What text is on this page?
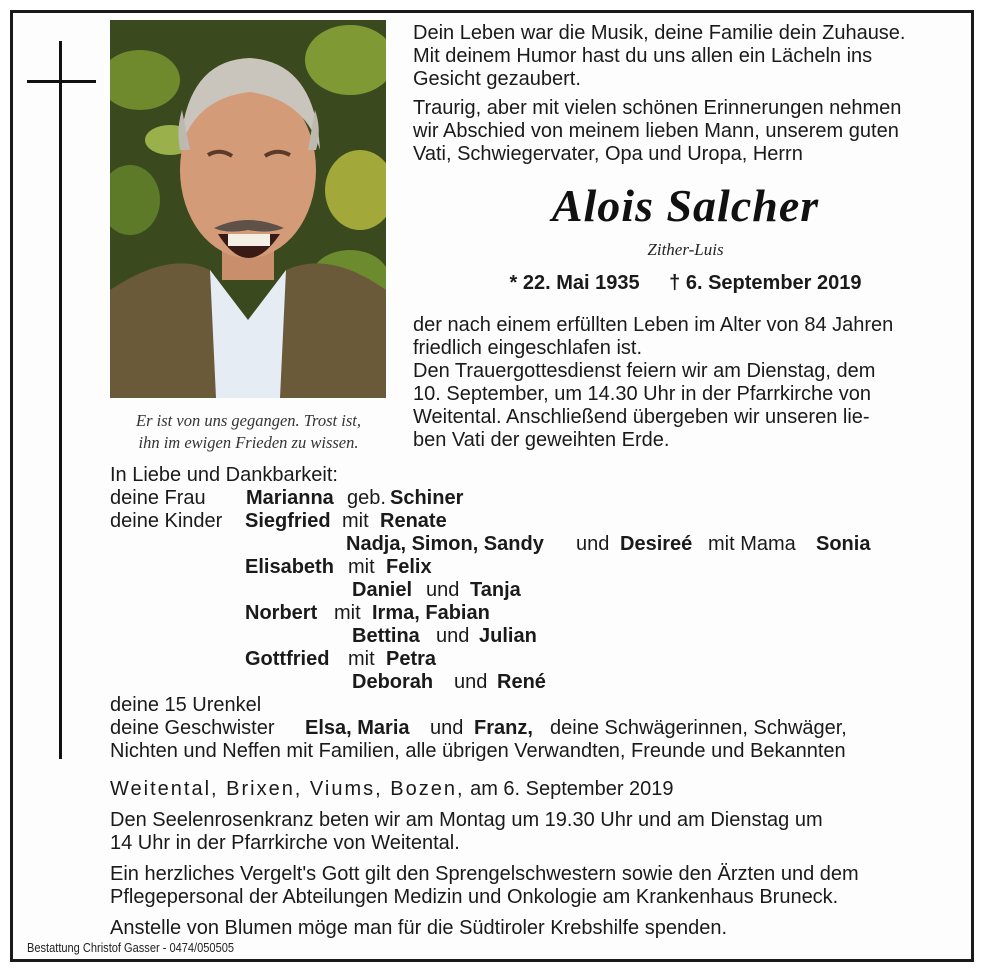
Er ist von uns gegangen. Trost ist,
ihn im ewigen Frieden zu wissen.

Dein Leben war die Musik, deine Familie dein Zuhause.
Mit deinem Humor hast du uns allen ein Lächeln ins
Gesicht gezaubert.

Traurig, aber mit vielen schönen Erinnerungen nehmen
wir Abschied von meinem lieben Mann, unserem guten
Vati, Schwiegervater, Opa und Uropa, Herrn

Alois Salcher
Zither-Luis
* 22. Mai 1935 † 6. September 2019
der nach einem erfüllten Leben im Alter von 84 Jahren
friedlich eingeschlafen ist.
Den Trauergottesdienst feiern wir am Dienstag, dem
10. September, um 14.30 Uhr in der Pfarrkirche von
Weitental. Anschließend übergeben wir unseren lie-
ben Vati der geweihten Erde.
In Liebe und Dankbarkeit:
deine Frau Marianna geb. Schiner
deine Kinder Siegfried mit Renate
Nadja, Simon, Sandy und Desireé mit Mama Sonia
Elisabeth mit Felix
Daniel und Tanja
Norbert mit Irma, Fabian
Bettina und Julian
Gottfried mit Petra
Deborah und René
deine 15 Urenkel
deine Geschwister Elsa, Maria und Franz, deine Schwägerinnen, Schwäger,
Nichten und Neffen mit Familien, alle übrigen Verwandten, Freunde und Bekannten

Weitental, Brixen, Viums, Bozen, am 6. September 2019

Den Seelenrosenkranz beten wir am Montag um 19.30 Uhr und am Dienstag um
14 Uhr in der Pfarrkirche von Weitental.

Ein herzliches Vergelt's Gott gilt den Sprengelschwestern sowie den Ärzten und dem
Pflegepersonal der Abteilungen Medizin und Onkologie am Krankenhaus Bruneck.

Anstelle von Blumen möge man für die Südtiroler Krebshilfe spenden.

Bestattung Christof Gasser - 0474/050505
